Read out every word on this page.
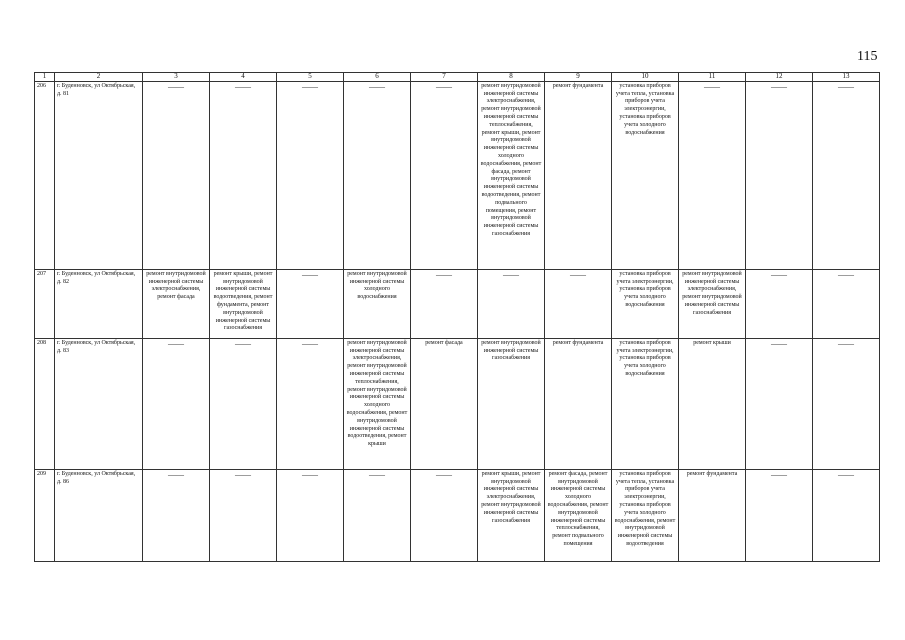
115
1	2	3	4	5	6	7	8	9	10	11	12	13
206	г. Буденновск, ул Октябрьская, д. 81	——	——	——	——	——	ремонт внутридомовой инженерной системы электроснабжения, ремонт внутридомовой инженерной системы теплоснабжения, ремонт крыши, ремонт внутридомовой инженерной системы холодного водоснабжения, ремонт фасада, ремонт внутридомовой инженерной системы водоотведения, ремонт подвального помещения, ремонт внутридомовой инженерной системы газоснабжения	ремонт фундамента	установка приборов учета тепла, установка приборов учета электроэнергии, установка приборов учета холодного водоснабжения	——	——	——
207	г. Буденновск, ул Октябрьская, д. 82	ремонт внутридомовой инженерной системы электроснабжения, ремонт фасада	ремонт крыши, ремонт внутридомовой инженерной системы водоотведения, ремонт фундамента, ремонт внутридомовой инженерной системы газоснабжения	——	ремонт внутридомовой инженерной системы холодного водоснабжения	——	——	——	установка приборов учета электроэнергии, установка приборов учета холодного водоснабжения	ремонт внутридомовой инженерной системы электроснабжения, ремонт внутридомовой инженерной системы газоснабжения	——	——
208	г. Буденновск, ул Октябрьская, д. 83	——	——	——	ремонт внутридомовой инженерной системы электроснабжения, ремонт внутридомовой инженерной системы теплоснабжения, ремонт внутридомовой инженерной системы холодного водоснабжения, ремонт внутридомовой инженерной системы водоотведения, ремонт крыши	ремонт фасада	ремонт внутридомовой инженерной системы газоснабжения	ремонт фундамента	установка приборов учета электроэнергии, установка приборов учета холодного водоснабжения	ремонт крыши	——	——
209	г. Буденновск, ул Октябрьская, д. 86	——	——	——	——	——	ремонт крыши, ремонт внутридомовой инженерной системы электроснабжения, ремонт внутридомовой инженерной системы газоснабжения	ремонт фасада, ремонт внутридомовой инженерной системы холодного водоснабжения, ремонт внутридомовой инженерной системы теплоснабжения, ремонт подвального помещения	установка приборов учета тепла, установка приборов учета электроэнергии, установка приборов учета холодного водоснабжения, ремонт внутридомовой инженерной системы водоотведения	ремонт фундамента	——	——
